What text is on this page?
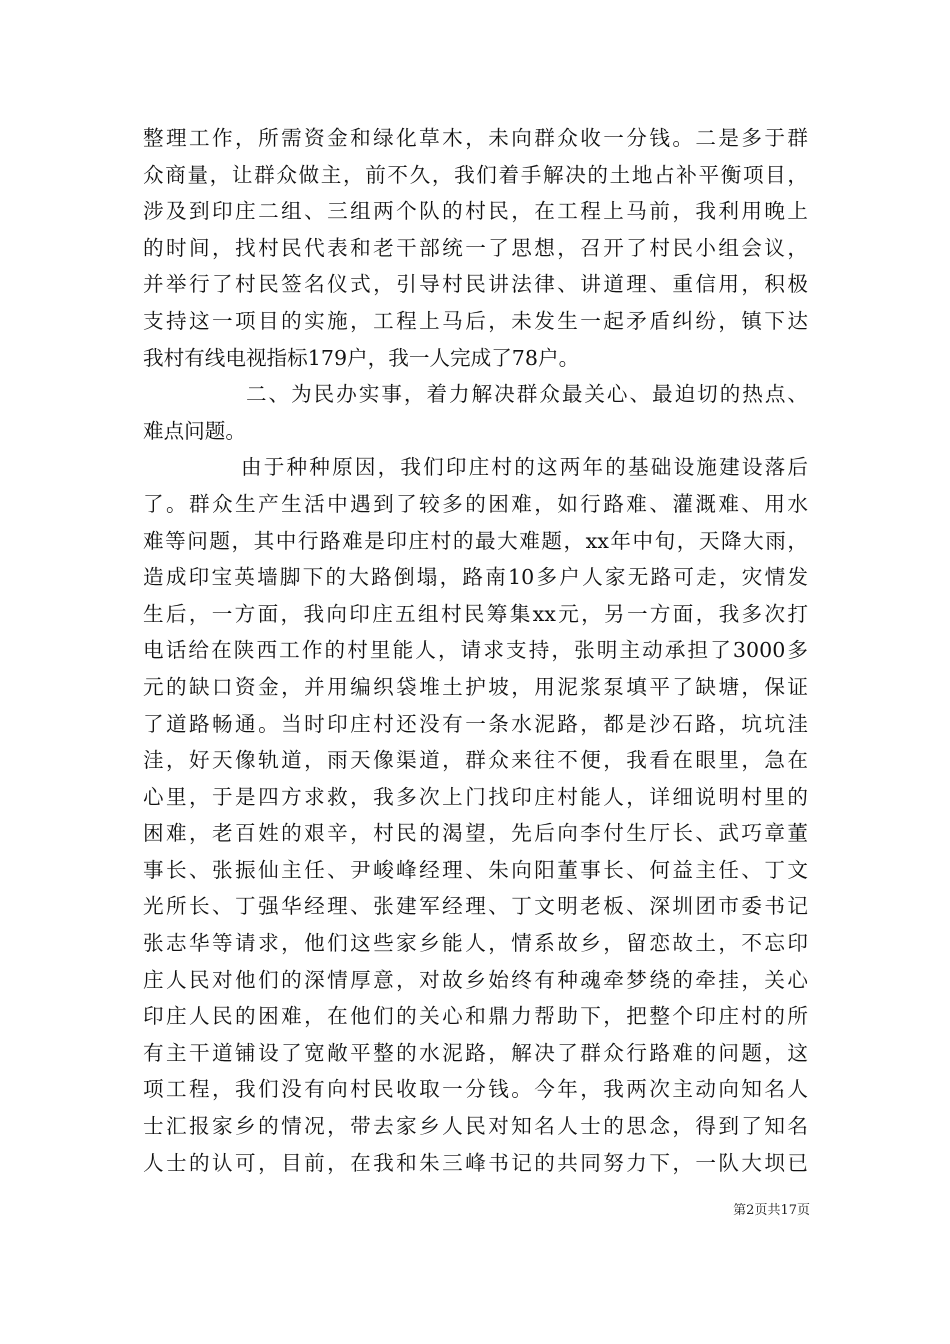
整理工作，所需资金和绿化草木，未向群众收一分钱。二是多于群
众商量，让群众做主，前不久，我们着手解决的土地占补平衡项目，
涉及到印庄二组、三组两个队的村民，在工程上马前，我利用晚上
的时间，找村民代表和老干部统一了思想，召开了村民小组会议，
并举行了村民签名仪式，引导村民讲法律、讲道理、重信用，积极
支持这一项目的实施，工程上马后，未发生一起矛盾纠纷，镇下达
我村有线电视指标179户，我一人完成了78户。
二、为民办实事，着力解决群众最关心、最迫切的热点、
难点问题。
由于种种原因，我们印庄村的这两年的基础设施建设落后
了。群众生产生活中遇到了较多的困难，如行路难、灌溉难、用水
难等问题，其中行路难是印庄村的最大难题，xx年中旬，天降大雨，
造成印宝英墙脚下的大路倒塌，路南10多户人家无路可走，灾情发
生后，一方面，我向印庄五组村民筹集xx元，另一方面，我多次打
电话给在陕西工作的村里能人，请求支持，张明主动承担了3000多
元的缺口资金，并用编织袋堆土护坡，用泥浆泵填平了缺塘，保证
了道路畅通。当时印庄村还没有一条水泥路，都是沙石路，坑坑洼
洼，好天像轨道，雨天像渠道，群众来往不便，我看在眼里，急在
心里，于是四方求救，我多次上门找印庄村能人，详细说明村里的
困难，老百姓的艰辛，村民的渴望，先后向李付生厅长、武巧章董
事长、张振仙主任、尹峻峰经理、朱向阳董事长、何益主任、丁文
光所长、丁强华经理、张建军经理、丁文明老板、深圳团市委书记
张志华等请求，他们这些家乡能人，情系故乡，留恋故土，不忘印
庄人民对他们的深情厚意，对故乡始终有种魂牵梦绕的牵挂，关心
印庄人民的困难，在他们的关心和鼎力帮助下，把整个印庄村的所
有主干道铺设了宽敞平整的水泥路，解决了群众行路难的问题，这
项工程，我们没有向村民收取一分钱。今年，我两次主动向知名人
士汇报家乡的情况，带去家乡人民对知名人士的思念，得到了知名
人士的认可，目前，在我和朱三峰书记的共同努力下，一队大坝已
第2页共17页
